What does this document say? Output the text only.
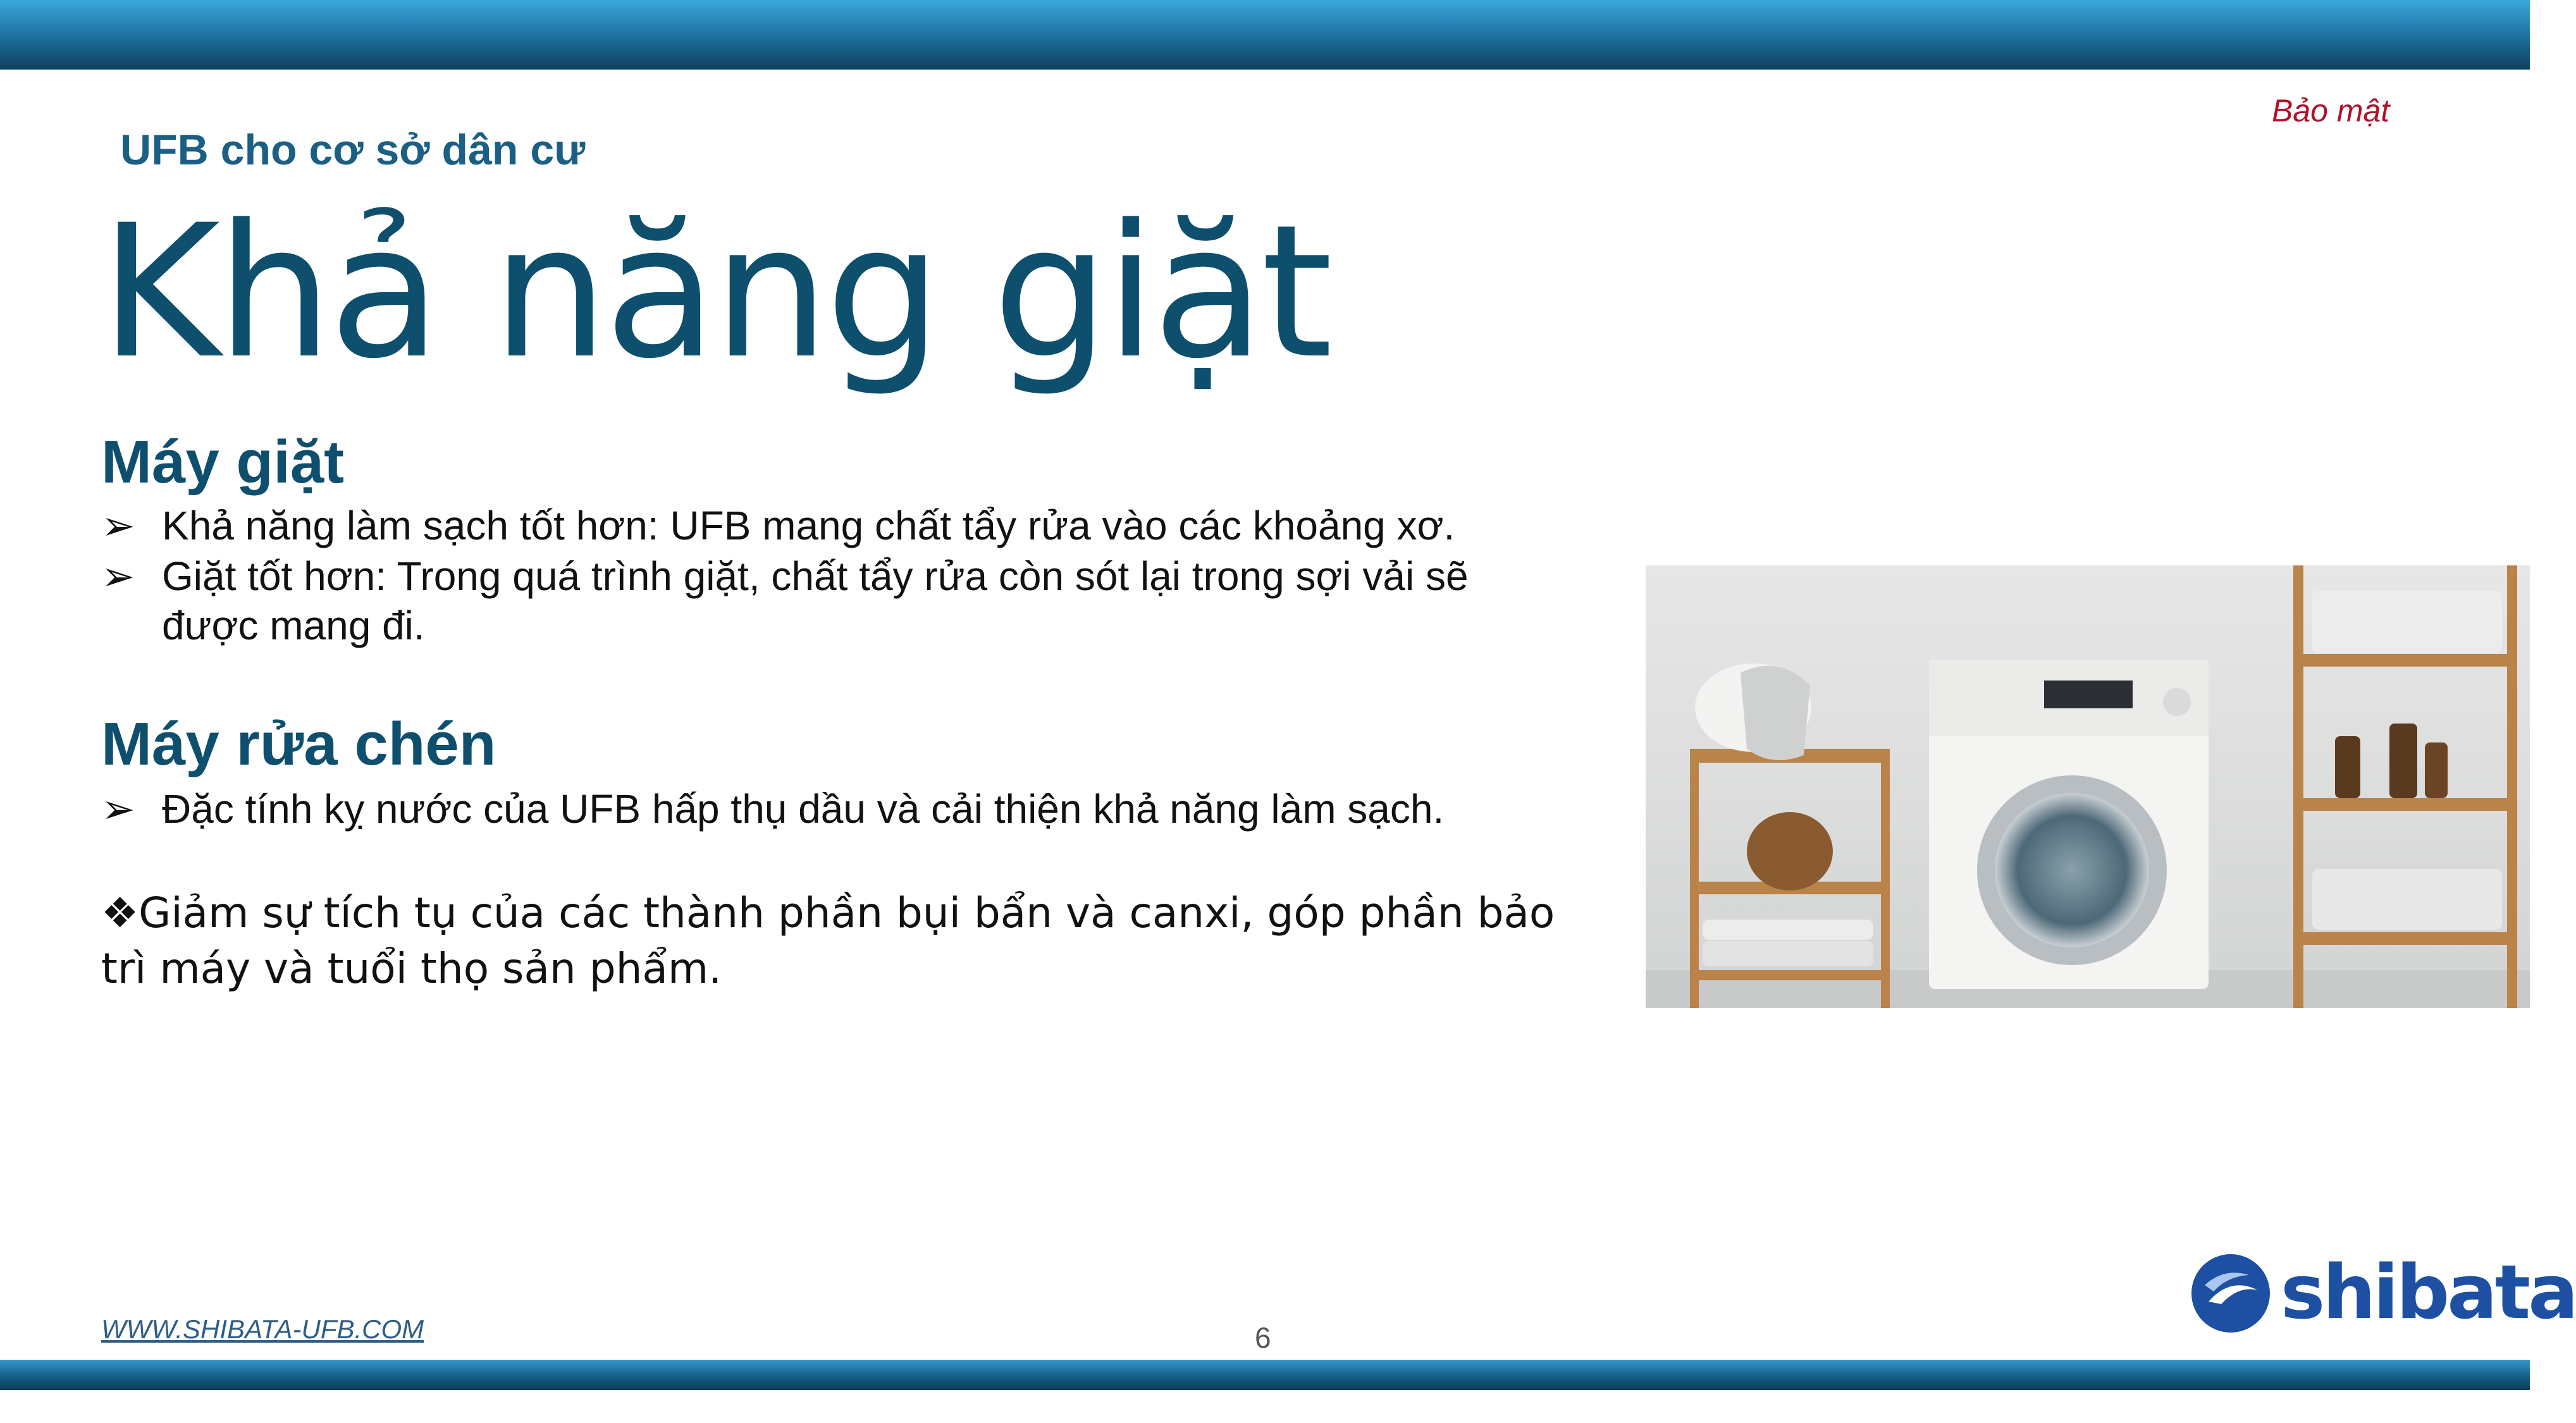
Bảo mật
UFB cho cơ sở dân cư
Khả năng giặt
Máy giặt
➢ Khả năng làm sạch tốt hơn: UFB mang chất tẩy rửa vào các khoảng xơ.
➢ Giặt tốt hơn: Trong quá trình giặt, chất tẩy rửa còn sót lại trong sợi vải sẽ được mang đi.
Máy rửa chén
➢ Đặc tính kỵ nước của UFB hấp thụ dầu và cải thiện khả năng làm sạch.
❖Giảm sự tích tụ của các thành phần bụi bẩn và canxi, góp phần bảo trì máy và tuổi thọ sản phẩm.
WWW.SHIBATA-UFB.COM	6
shibata
